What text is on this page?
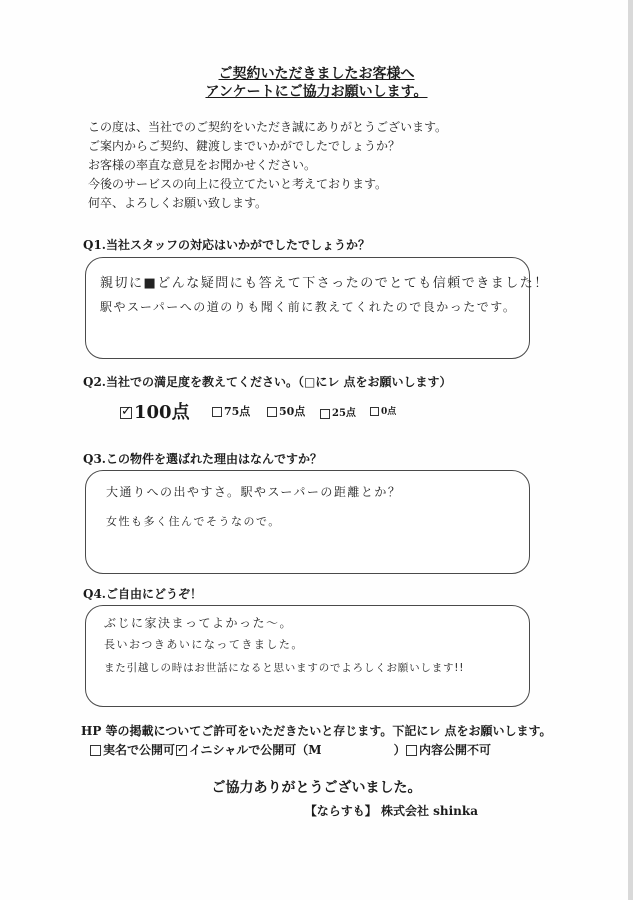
ご契約いただきましたお客様へ
アンケートにご協力お願いします。
この度は、当社でのご契約をいただき誠にありがとうございます。
ご案内からご契約、鍵渡しまでいかがでしたでしょうか？
お客様の率直な意見をお聞かせください。
今後のサービスの向上に役立てたいと考えております。
何卒、よろしくお願い致します。
Q1.当社スタッフの対応はいかがでしたでしょうか？
親切に■どんな疑問にも答えて下さったのでとても信頼できました！
駅やスーパーへの道のりも聞く前に教えてくれたので良かったです。
Q2.当社での満足度を教えてください。（□にレ 点をお願いします）
✓ 100点	75点	50点	25点	0点
Q3.この物件を選ばれた理由はなんですか？
大通りへの出やすさ。駅やスーパーの距離とか？
女性も多く住んでそうなので。
Q4.ご自由にどうぞ！
ぶじに家決まってよかった〜。
長いおつきあいになってきました。
また引越しの時はお世話になると思いますのでよろしくお願いします!!
HP 等の掲載についてご許可をいただきたいと存じます。下記にレ 点をお願いします。
実名で公開可 ✓ イニシャルで公開可（M　　　　　　）	内容公開不可
ご協力ありがとうございました。
【ならすも】 株式会社 shinka
